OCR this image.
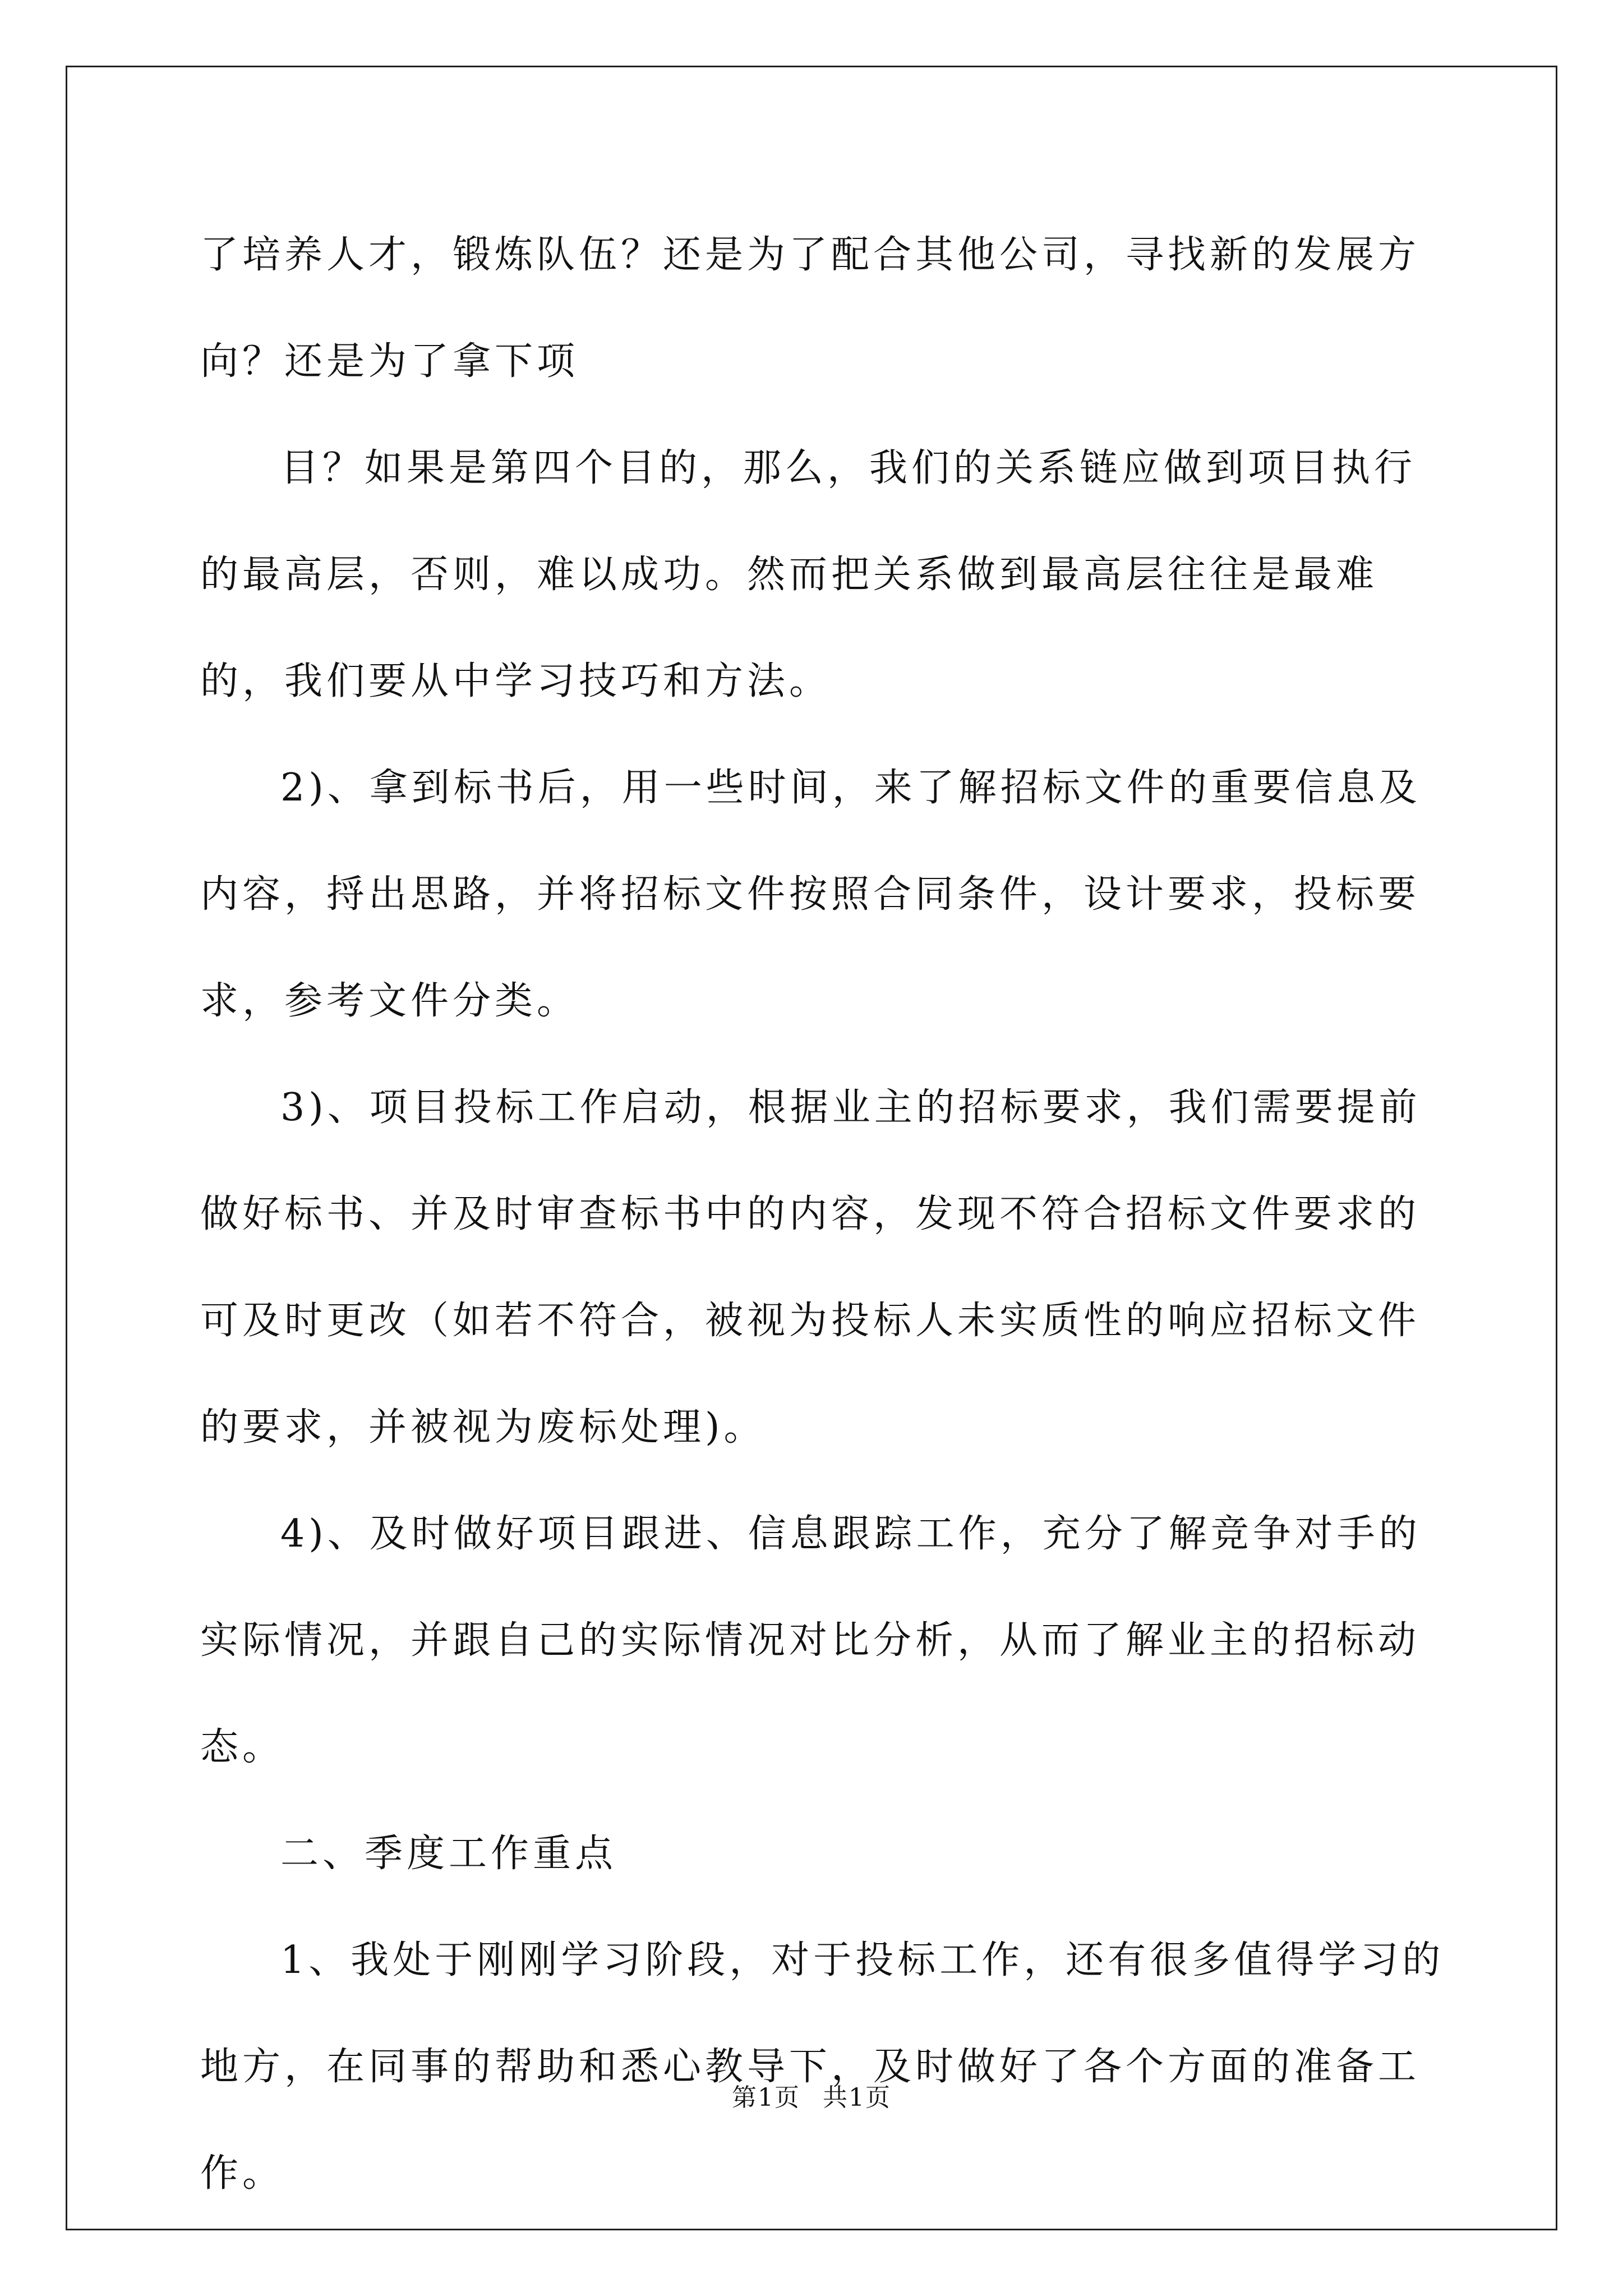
了培养人才，锻炼队伍？还是为了配合其他公司，寻找新的发展方向？还是为了拿下项

目？如果是第四个目的，那么，我们的关系链应做到项目执行的最高层，否则，难以成功。然而把关系做到最高层往往是最难的，我们要从中学习技巧和方法。

2)、拿到标书后，用一些时间，来了解招标文件的重要信息及内容，捋出思路，并将招标文件按照合同条件，设计要求，投标要求，参考文件分类。

3)、项目投标工作启动，根据业主的招标要求，我们需要提前做好标书、并及时审查标书中的内容，发现不符合招标文件要求的可及时更改（如若不符合，被视为投标人未实质性的响应招标文件的要求，并被视为废标处理)。

4)、及时做好项目跟进、信息跟踪工作，充分了解竞争对手的实际情况，并跟自己的实际情况对比分析，从而了解业主的招标动态。

二、季度工作重点

1、我处于刚刚学习阶段，对于投标工作，还有很多值得学习的地方，在同事的帮助和悉心教导下，及时做好了各个方面的准备工作。

第1页 共1页
